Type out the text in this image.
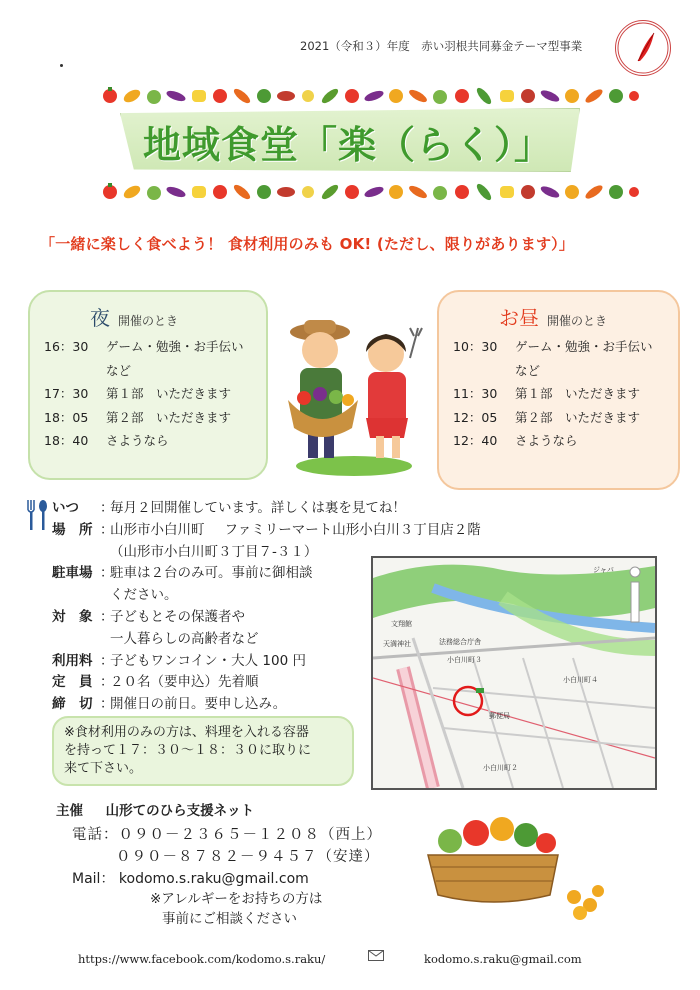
2021（令和３）年度　赤い羽根共同募金テーマ型事業
地域食堂「楽（らく）」
「一緒に楽しく食べよう！ 食材利用のみも OK! (ただし、限りがあります）」
夜 開催のとき
16：30	ゲーム・勉強・お手伝い
など
17：30	第１部　いただきます
18：05	第２部　いただきます
18：40	さようなら
お昼 開催のとき
10：30	ゲーム・勉強・お手伝い
など
11：30	第１部　いただきます
12：05	第２部　いただきます
12：40	さようなら
いつ	：
毎月２回開催しています。詳しくは裏を見てね！
場　所 ：
山形市小白川町 ファミリーマート山形小白川３丁目店２階
（山形市小白川町３丁目７-３１）
駐車場 ：
駐車は２台のみ可。事前に御相談
ください。
対　象 ：
子どもとその保護者や
一人暮らしの高齢者など
利用料 ：
子どもワンコイン・大人 100 円
定　員 ：
２０名（要申込）先着順
締　切 ：
開催日の前日。要申し込み。
※食材利用のみの方は、料理を入れる容器
を持って１７：３０～１８：３０に取りに
来て下さい。
ジャパ
文翔館
天満神社	法務総合庁舎
小白川町３
小白川町４
郵便局
小白川町２
主催 山形てのひら支援ネット
電話：０９０－２３６５－１２０８（西上）
０９０－８７８２－９４５７（安達）
Mail： kodomo.s.raku@gmail.com
※アレルギーをお持ちの方は
事前にご相談ください
https://www.facebook.com/kodomo.s.raku/	kodomo.s.raku@gmail.com
